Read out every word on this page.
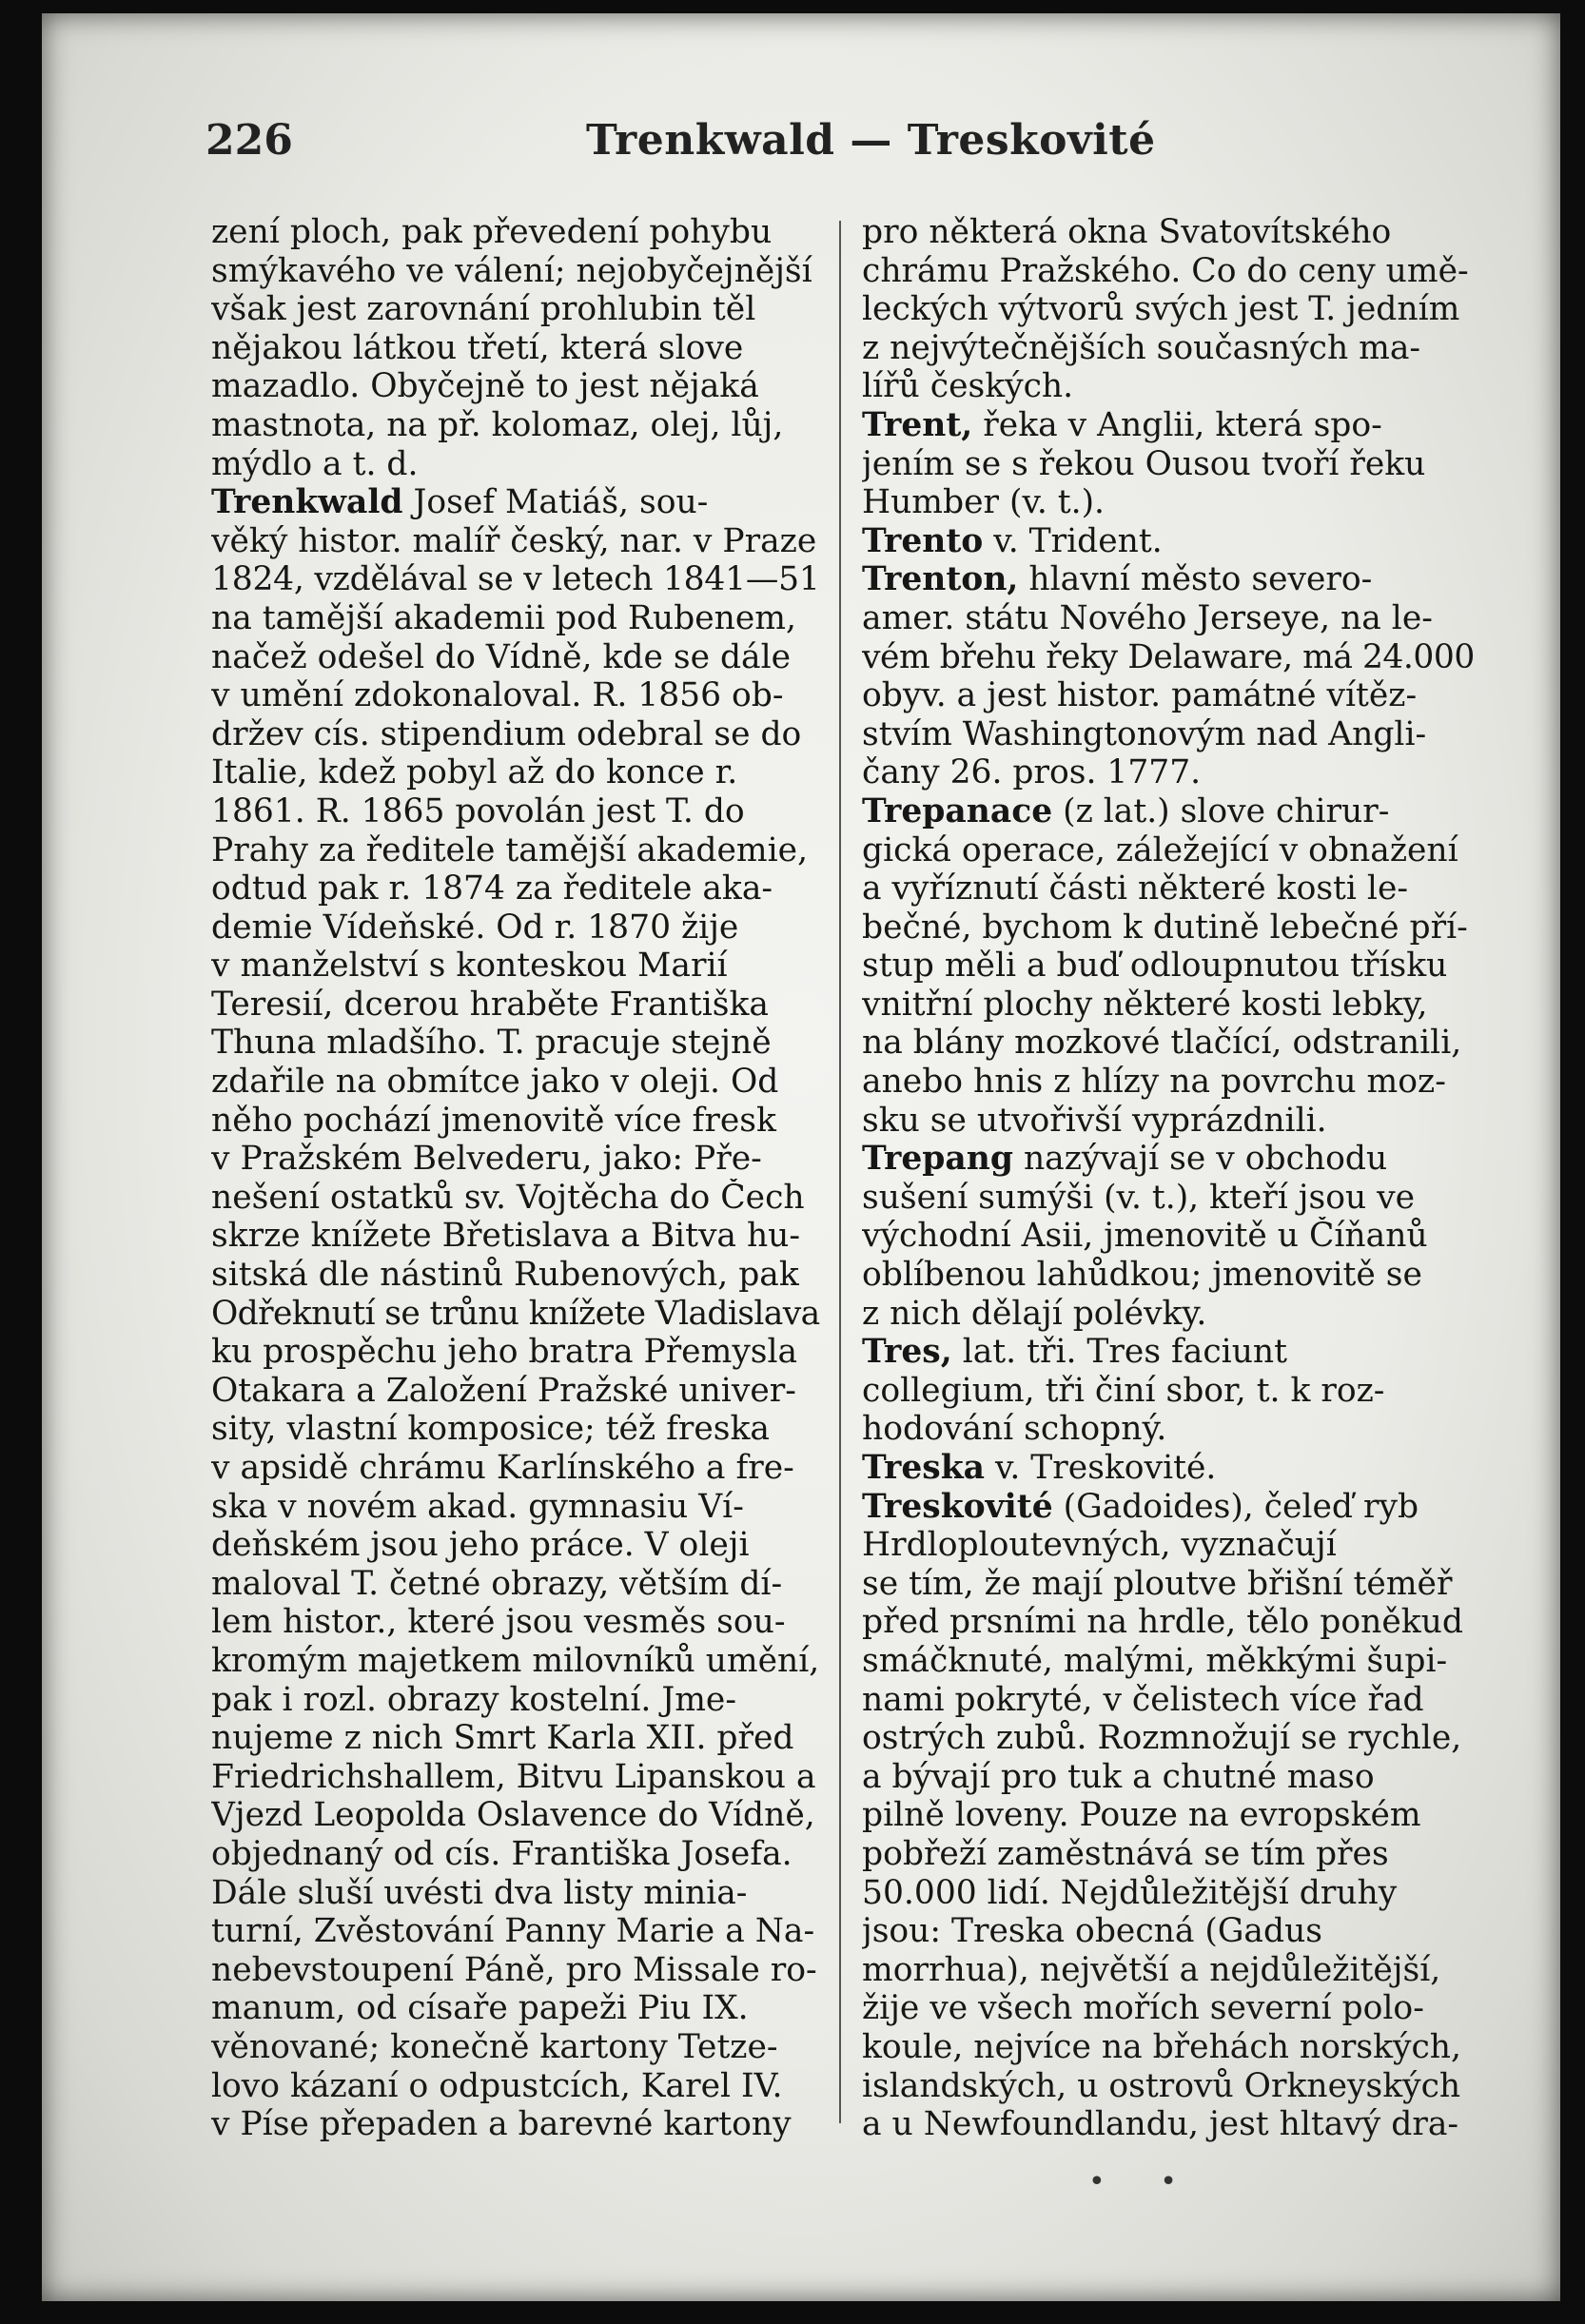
226	Trenkwald — Treskovité
zení ploch, pak převedení pohybu
smýkavého ve válení; nejobyčejnější
však jest zarovnání prohlubin těl
nějakou látkou třetí, která slove
mazadlo. Obyčejně to jest nějaká
mastnota, na př. kolomaz, olej, lůj,
mýdlo a t. d.
Trenkwald Josef Matiáš, sou-
věký histor. malíř český, nar. v Praze
1824, vzdělával se v letech 1841—51
na tamější akademii pod Rubenem,
načež odešel do Vídně, kde se dále
v umění zdokonaloval. R. 1856 ob-
držev cís. stipendium odebral se do
Italie, kdež pobyl až do konce r.
1861. R. 1865 povolán jest T. do
Prahy za ředitele tamější akademie,
odtud pak r. 1874 za ředitele aka-
demie Vídeňské. Od r. 1870 žije
v manželství s konteskou Marií
Teresií, dcerou hraběte Františka
Thuna mladšího. T. pracuje stejně
zdařile na obmítce jako v oleji. Od
něho pochází jmenovitě více fresk
v Pražském Belvederu, jako: Pře-
nešení ostatků sv. Vojtěcha do Čech
skrze knížete Břetislava a Bitva hu-
sitská dle nástinů Rubenových, pak
Odřeknutí se trůnu knížete Vladislava
ku prospěchu jeho bratra Přemysla
Otakara a Založení Pražské univer-
sity, vlastní komposice; též freska
v apsidě chrámu Karlínského a fre-
ska v novém akad. gymnasiu Ví-
deňském jsou jeho práce. V oleji
maloval T. četné obrazy, větším dí-
lem histor., které jsou vesměs sou-
kromým majetkem milovníků umění,
pak i rozl. obrazy kostelní. Jme-
nujeme z nich Smrt Karla XII. před
Friedrichshallem, Bitvu Lipanskou a
Vjezd Leopolda Oslavence do Vídně,
objednaný od cís. Františka Josefa.
Dále sluší uvésti dva listy minia-
turní, Zvěstování Panny Marie a Na-
nebevstoupení Páně, pro Missale ro-
manum, od císaře papeži Piu IX.
věnované; konečně kartony Tetze-
lovo kázaní o odpustcích, Karel IV.
v Píse přepaden a barevné kartony
pro některá okna Svatovítského
chrámu Pražského. Co do ceny umě-
leckých výtvorů svých jest T. jedním
z nejvýtečnějších současných ma-
lířů českých.
Trent, řeka v Anglii, která spo-
jením se s řekou Ousou tvoří řeku
Humber (v. t.).
Trento v. Trident.
Trenton, hlavní město severo-
amer. státu Nového Jerseye, na le-
vém břehu řeky Delaware, má 24.000
obyv. a jest histor. památné vítěz-
stvím Washingtonovým nad Angli-
čany 26. pros. 1777.
Trepanace (z lat.) slove chirur-
gická operace, záležející v obnažení
a vyříznutí části některé kosti le-
bečné, bychom k dutině lebečné pří-
stup měli a buď odloupnutou třísku
vnitřní plochy některé kosti lebky,
na blány mozkové tlačící, odstranili,
anebo hnis z hlízy na povrchu moz-
sku se utvořivší vyprázdnili.
Trepang nazývají se v obchodu
sušení sumýši (v. t.), kteří jsou ve
východní Asii, jmenovitě u Číňanů
oblíbenou lahůdkou; jmenovitě se
z nich dělají polévky.
Tres, lat. tři. Tres faciunt
collegium, tři činí sbor, t. k roz-
hodování schopný.
Treska v. Treskovité.
Treskovité (Gadoides), čeleď ryb
Hrdloploutevných, vyznačují
se tím, že mají ploutve břišní téměř
před prsními na hrdle, tělo poněkud
smáčknuté, malými, měkkými šupi-
nami pokryté, v čelistech více řad
ostrých zubů. Rozmnožují se rychle,
a bývají pro tuk a chutné maso
pilně loveny. Pouze na evropském
pobřeží zaměstnává se tím přes
50.000 lidí. Nejdůležitější druhy
jsou: Treska obecná (Gadus
morrhua), největší a nejdůležitější,
žije ve všech mořích severní polo-
koule, nejvíce na břehách norských,
islandských, u ostrovů Orkneyských
a u Newfoundlandu, jest hltavý dra-
• •
